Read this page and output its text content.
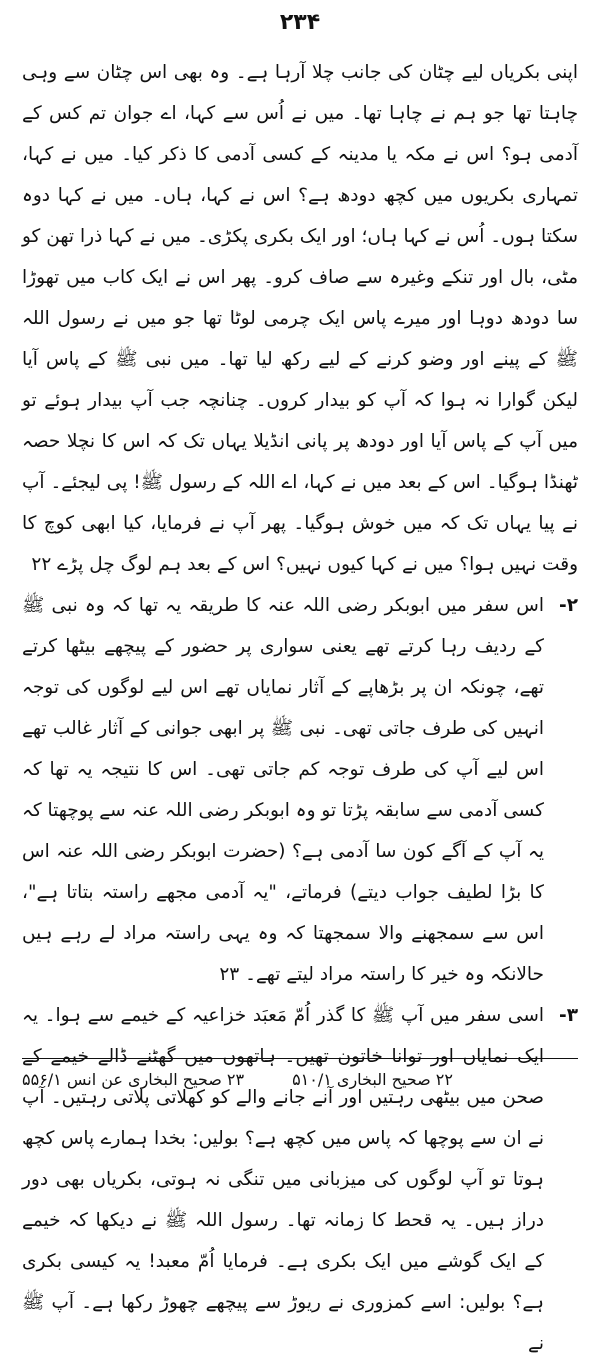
۲۳۴

اپنی بکریاں لیے چٹان کی جانب چلا آرہا ہے۔ وہ بھی اس چٹان سے وہی چاہتا تھا جو ہم نے چاہا تھا۔ میں نے اُس سے کہا، اے جوان تم کس کے آدمی ہو؟ اس نے مکہ یا مدینہ کے کسی آدمی کا ذکر کیا۔ میں نے کہا، تمہاری بکریوں میں کچھ دودھ ہے؟ اس نے کہا، ہاں۔ میں نے کہا دوہ سکتا ہوں۔ اُس نے کہا ہاں؛ اور ایک بکری پکڑی۔ میں نے کہا ذرا تھن کو مٹی، بال اور تنکے وغیرہ سے صاف کرو۔ پھر اس نے ایک کاب میں تھوڑا سا دودھ دوہا اور میرے پاس ایک چرمی لوٹا تھا جو میں نے رسول اللہ ﷺ کے پینے اور وضو کرنے کے لیے رکھ لیا تھا۔ میں نبی ﷺ کے پاس آیا لیکن گوارا نہ ہوا کہ آپ کو بیدار کروں۔ چنانچہ جب آپ بیدار ہوئے تو میں آپ کے پاس آیا اور دودھ پر پانی انڈیلا یہاں تک کہ اس کا نچلا حصہ ٹھنڈا ہوگیا۔ اس کے بعد میں نے کہا، اے اللہ کے رسول ﷺ! پی لیجئے۔ آپ نے پیا یہاں تک کہ میں خوش ہوگیا۔ پھر آپ نے فرمایا، کیا ابھی کوچ کا وقت نہیں ہوا؟ میں نے کہا کیوں نہیں؟ اس کے بعد ہم لوگ چل پڑے ۲۲

۲-
اس سفر میں ابوبکر رضی اللہ عنہ کا طریقہ یہ تھا کہ وہ نبی ﷺ کے ردیف رہا کرتے تھے یعنی سواری پر حضور کے پیچھے بیٹھا کرتے تھے، چونکہ ان پر بڑھاپے کے آثار نمایاں تھے اس لیے لوگوں کی توجہ انہیں کی طرف جاتی تھی۔ نبی ﷺ پر ابھی جوانی کے آثار غالب تھے اس لیے آپ کی طرف توجہ کم جاتی تھی۔ اس کا نتیجہ یہ تھا کہ کسی آدمی سے سابقہ پڑتا تو وہ ابوبکر رضی اللہ عنہ سے پوچھتا کہ یہ آپ کے آگے کون سا آدمی ہے؟ (حضرت ابوبکر رضی اللہ عنہ اس کا بڑا لطیف جواب دیتے) فرماتے، "یہ آدمی مجھے راستہ بتاتا ہے"، اس سے سمجھنے والا سمجھتا کہ وہ یہی راستہ مراد لے رہے ہیں حالانکہ وہ خیر کا راستہ مراد لیتے تھے۔ ۲۳
۳-
اسی سفر میں آپ ﷺ کا گذر اُمّ مَعبَد خزاعیہ کے خیمے سے ہوا۔ یہ ایک نمایاں اور توانا خاتون تھیں۔ ہاتھوں میں گھٹنے ڈالے خیمے کے صحن میں بیٹھی رہتیں اور آنے جانے والے کو کھلاتی پلاتی رہتیں۔ آپ نے ان سے پوچھا کہ پاس میں کچھ ہے؟ بولیں: بخدا ہمارے پاس کچھ ہوتا تو آپ لوگوں کی میزبانی میں تنگی نہ ہوتی، بکریاں بھی دور دراز ہیں۔ یہ قحط کا زمانہ تھا۔ رسول اللہ ﷺ نے دیکھا کہ خیمے کے ایک گوشے میں ایک بکری ہے۔ فرمایا اُمّ معبد! یہ کیسی بکری ہے؟ بولیں: اسے کمزوری نے ریوڑ سے پیچھے چھوڑ رکھا ہے۔ آپ ﷺ نے
۲۲ صحیح البخاری ۵۱۰/۱
۲۳ صحیح البخاری عن انس ۵۵۶/۱
